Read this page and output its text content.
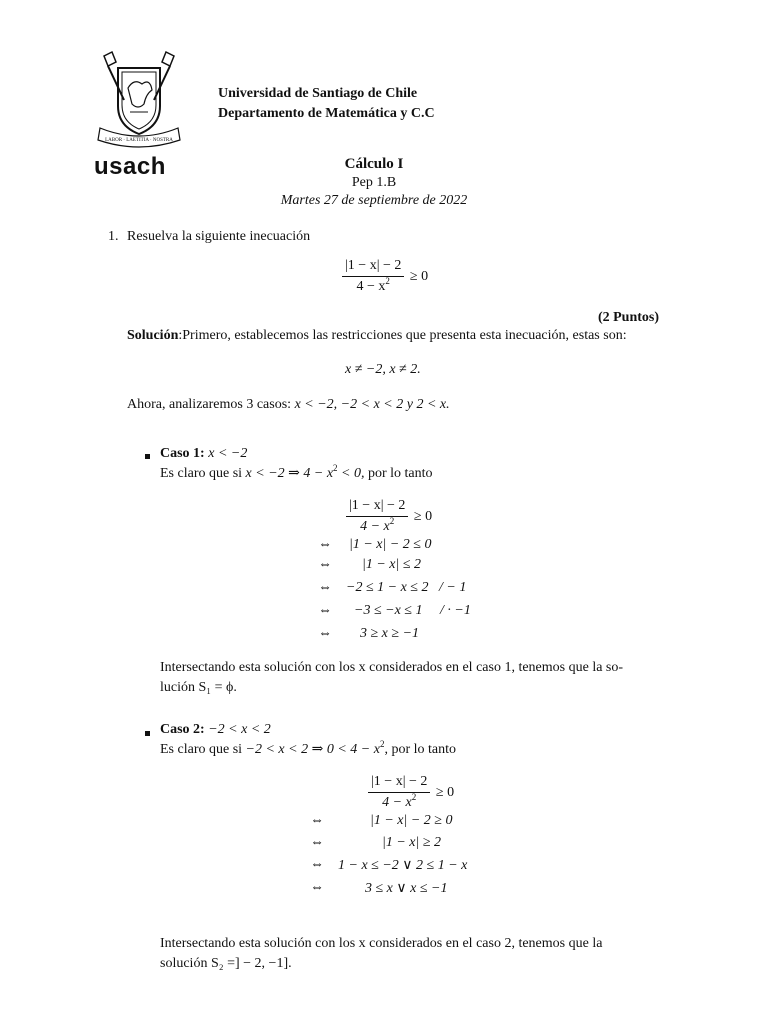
LABOR · LAETITIA · NOSTRA
usach
Universidad de Santiago de Chile
Departamento de Matemática y C.C
Cálculo I
Pep 1.B
Martes 27 de septiembre de 2022
1. Resuelva la siguiente inecuación
$\frac{|1 - x| - 2}{4 - x^2} \ge 0$
(2 Puntos)
Solución:Primero, establecemos las restricciones que presenta esta inecuación, estas son:
x ≠ −2, x ≠ 2.
Ahora, analizaremos 3 casos: x < −2, −2 < x < 2 y 2 < x.
Caso 1: x < −2
Es claro que si x < −2 ⇒ $4 - x^2 < 0$, por lo tanto
$\frac{|1 - x| - 2}{4 - x^2} \ge 0$
⇔ |1 − x| − 2 ≤ 0
⇔ |1 − x| ≤ 2
⇔ −2 ≤ 1 − x ≤ 2   / − 1
⇔ −3 ≤ −x ≤ 1     / · −1
⇔ 3 ≥ x ≥ −1
Intersectando esta solución con los x considerados en el caso 1, tenemos que la so-
lución S₁ = ϕ.
Caso 2: −2 < x < 2
Es claro que si −2 < x < 2 ⇒ $0 < 4 - x^2$, por lo tanto
$\frac{|1 - x| - 2}{4 - x^2} \ge 0$
⇔	|1 − x| − 2 ≥ 0
⇔	|1 − x| ≥ 2
⇔ 1 − x ≤ −2 ∨ 2 ≤ 1 − x
⇔	3 ≤ x ∨ x ≤ −1
Intersectando esta solución con los x considerados en el caso 2, tenemos que la
solución S₂ =] − 2, −1].
